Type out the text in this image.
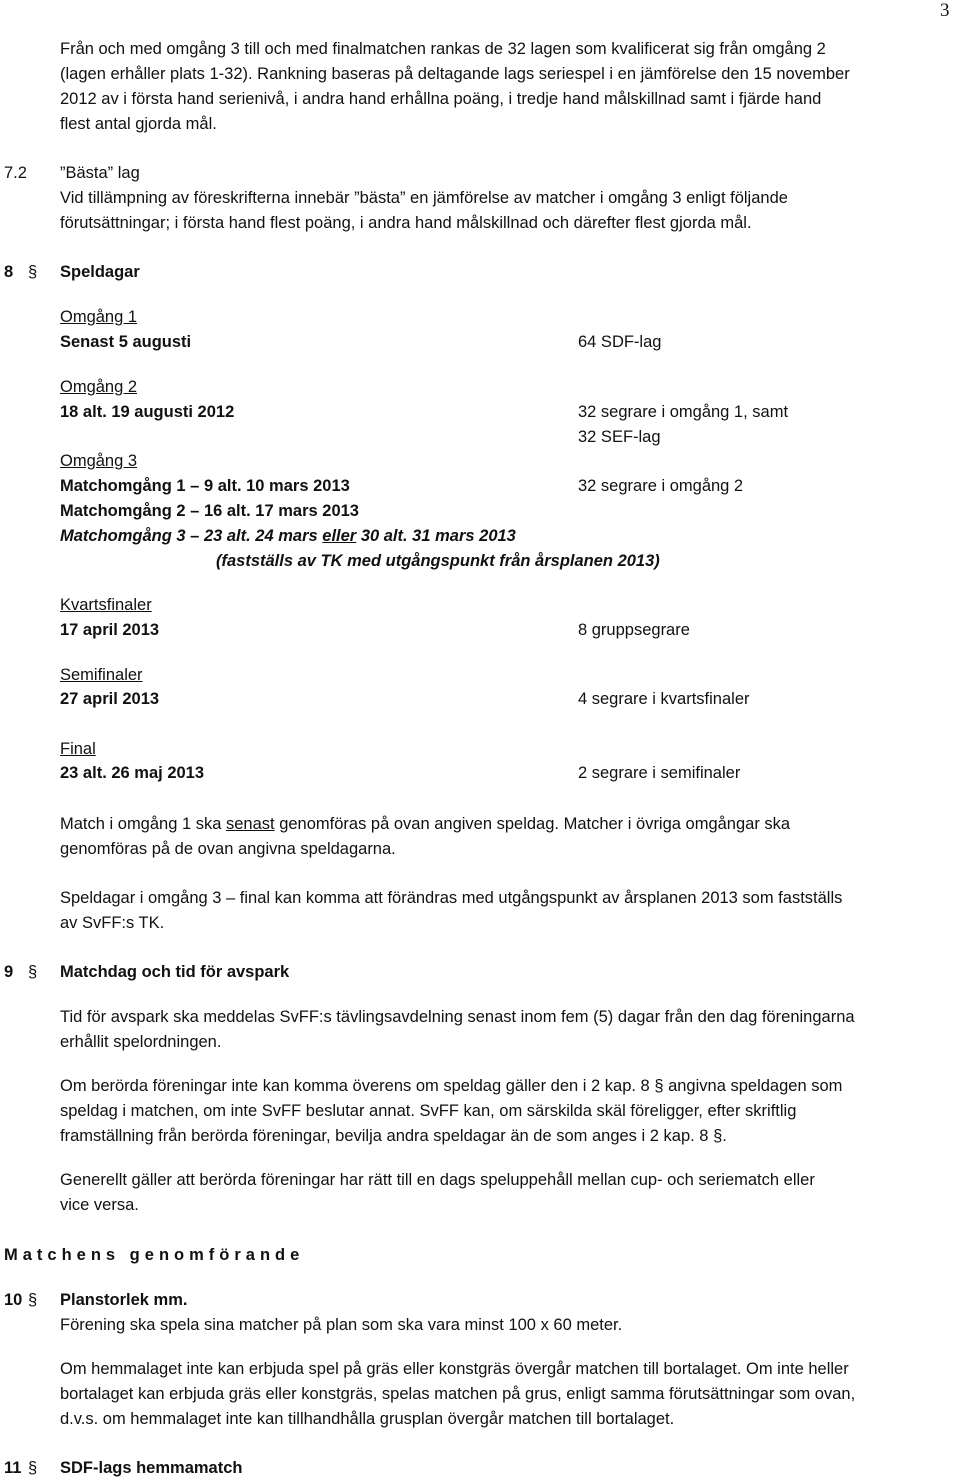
3
Från och med omgång 3 till och med finalmatchen rankas de 32 lagen som kvalificerat sig från omgång 2
(lagen erhåller plats 1-32). Rankning baseras på deltagande lags seriespel i en jämförelse den 15 november
2012 av i första hand serienivå, i andra hand erhållna poäng, i tredje hand målskillnad samt i fjärde hand
flest antal gjorda mål.
7.2 ”Bästa” lag
Vid tillämpning av föreskrifterna innebär ”bästa” en jämförelse av matcher i omgång 3 enligt följande
förutsättningar; i första hand flest poäng, i andra hand målskillnad och därefter flest gjorda mål.
8 § Speldagar
Omgång 1
Senast 5 augusti	64 SDF-lag
Omgång 2
18 alt. 19 augusti 2012	32 segrare i omgång 1, samt
32 SEF-lag
Omgång 3
Matchomgång 1 – 9 alt. 10 mars 2013	32 segrare i omgång 2
Matchomgång 2 – 16 alt. 17 mars 2013
Matchomgång 3 – 23 alt. 24 mars eller 30 alt. 31 mars 2013
(fastställs av TK med utgångspunkt från årsplanen 2013)
Kvartsfinaler
17 april 2013	8 gruppsegrare
Semifinaler
27 april 2013	4 segrare i kvartsfinaler
Final
23 alt. 26 maj 2013	2 segrare i semifinaler
Match i omgång 1 ska senast genomföras på ovan angiven speldag. Matcher i övriga omgångar ska
genomföras på de ovan angivna speldagarna.
Speldagar i omgång 3 – final kan komma att förändras med utgångspunkt av årsplanen 2013 som fastställs
av SvFF:s TK.
9 § Matchdag och tid för avspark
Tid för avspark ska meddelas SvFF:s tävlingsavdelning senast inom fem (5) dagar från den dag föreningarna
erhållit spelordningen.
Om berörda föreningar inte kan komma överens om speldag gäller den i 2 kap. 8 § angivna speldagen som
speldag i matchen, om inte SvFF beslutar annat. SvFF kan, om särskilda skäl föreligger, efter skriftlig
framställning från berörda föreningar, bevilja andra speldagar än de som anges i 2 kap. 8 §.
Generellt gäller att berörda föreningar har rätt till en dags speluppehåll mellan cup- och seriematch eller
vice versa.
Matchens genomförande
10 § Planstorlek mm.
Förening ska spela sina matcher på plan som ska vara minst 100 x 60 meter.
Om hemmalaget inte kan erbjuda spel på gräs eller konstgräs övergår matchen till bortalaget. Om inte heller
bortalaget kan erbjuda gräs eller konstgräs, spelas matchen på grus, enligt samma förutsättningar som ovan,
d.v.s. om hemmalaget inte kan tillhandhålla grusplan övergår matchen till bortalaget.
11 § SDF-lags hemmamatch
